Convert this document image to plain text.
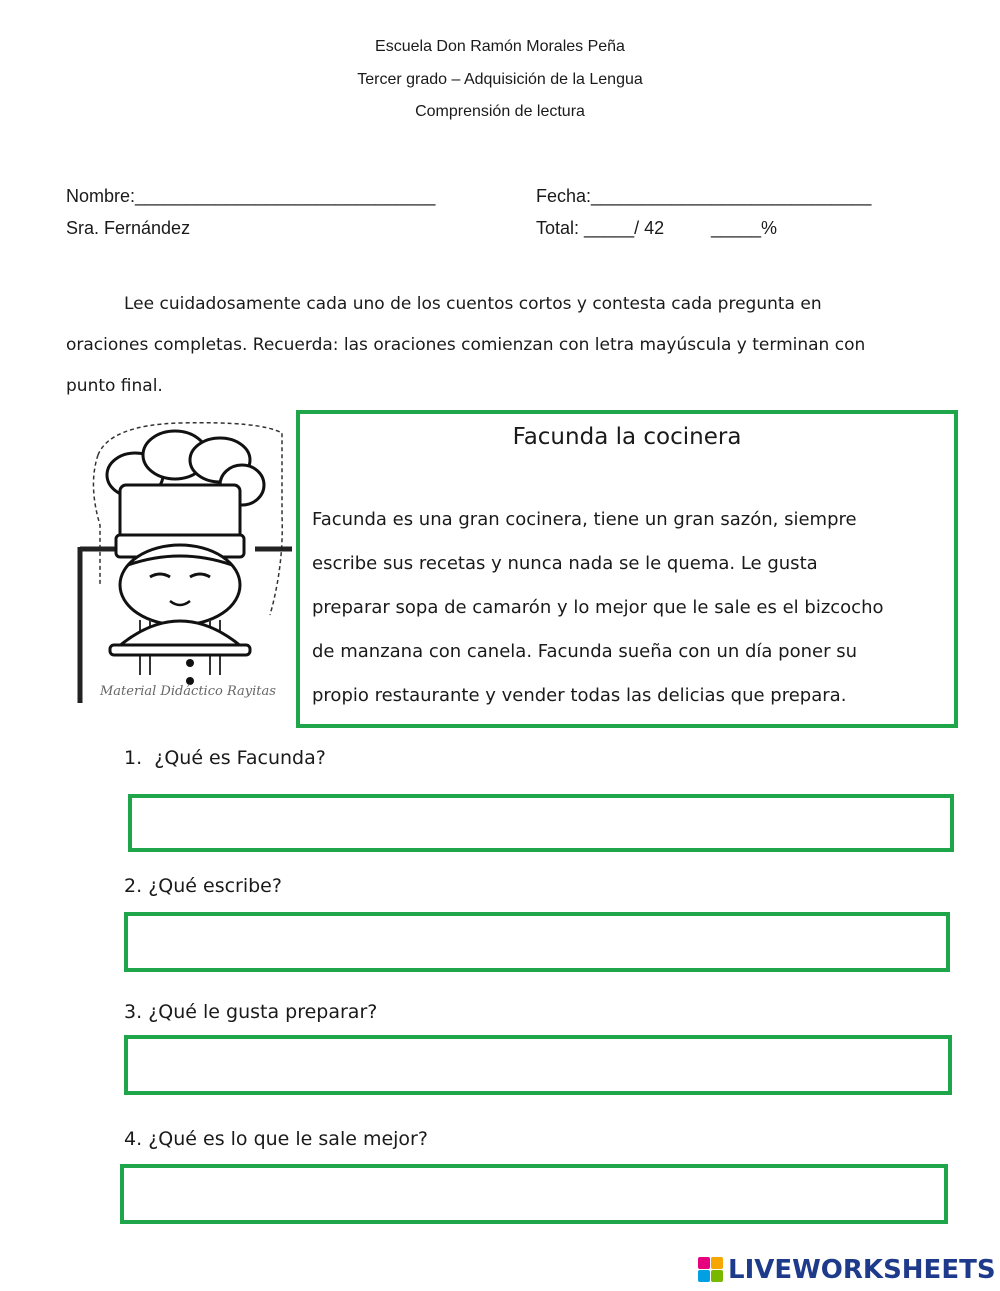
Escuela Don Ramón Morales Peña
Tercer grado – Adquisición de la Lengua
Comprensión de lectura
Nombre:______________________________	Fecha:____________________________
Sra. Fernández	Total: _____/ 42	_____%
Lee cuidadosamente cada uno de los cuentos cortos y contesta cada pregunta en
oraciones completas. Recuerda: las oraciones comienzan con letra mayúscula y terminan con
punto final.
Material Didáctico Rayitas
Facunda la cocinera
Facunda es una gran cocinera, tiene un gran sazón, siempre
escribe sus recetas y nunca nada se le quema. Le gusta
preparar sopa de camarón y lo mejor que le sale es el bizcocho
de manzana con canela. Facunda sueña con un día poner su
propio restaurante y vender todas las delicias que prepara.
1. ¿Qué es Facunda?
2. ¿Qué escribe?
3. ¿Qué le gusta preparar?
4. ¿Qué es lo que le sale mejor?
LIVEWORKSHEETS
